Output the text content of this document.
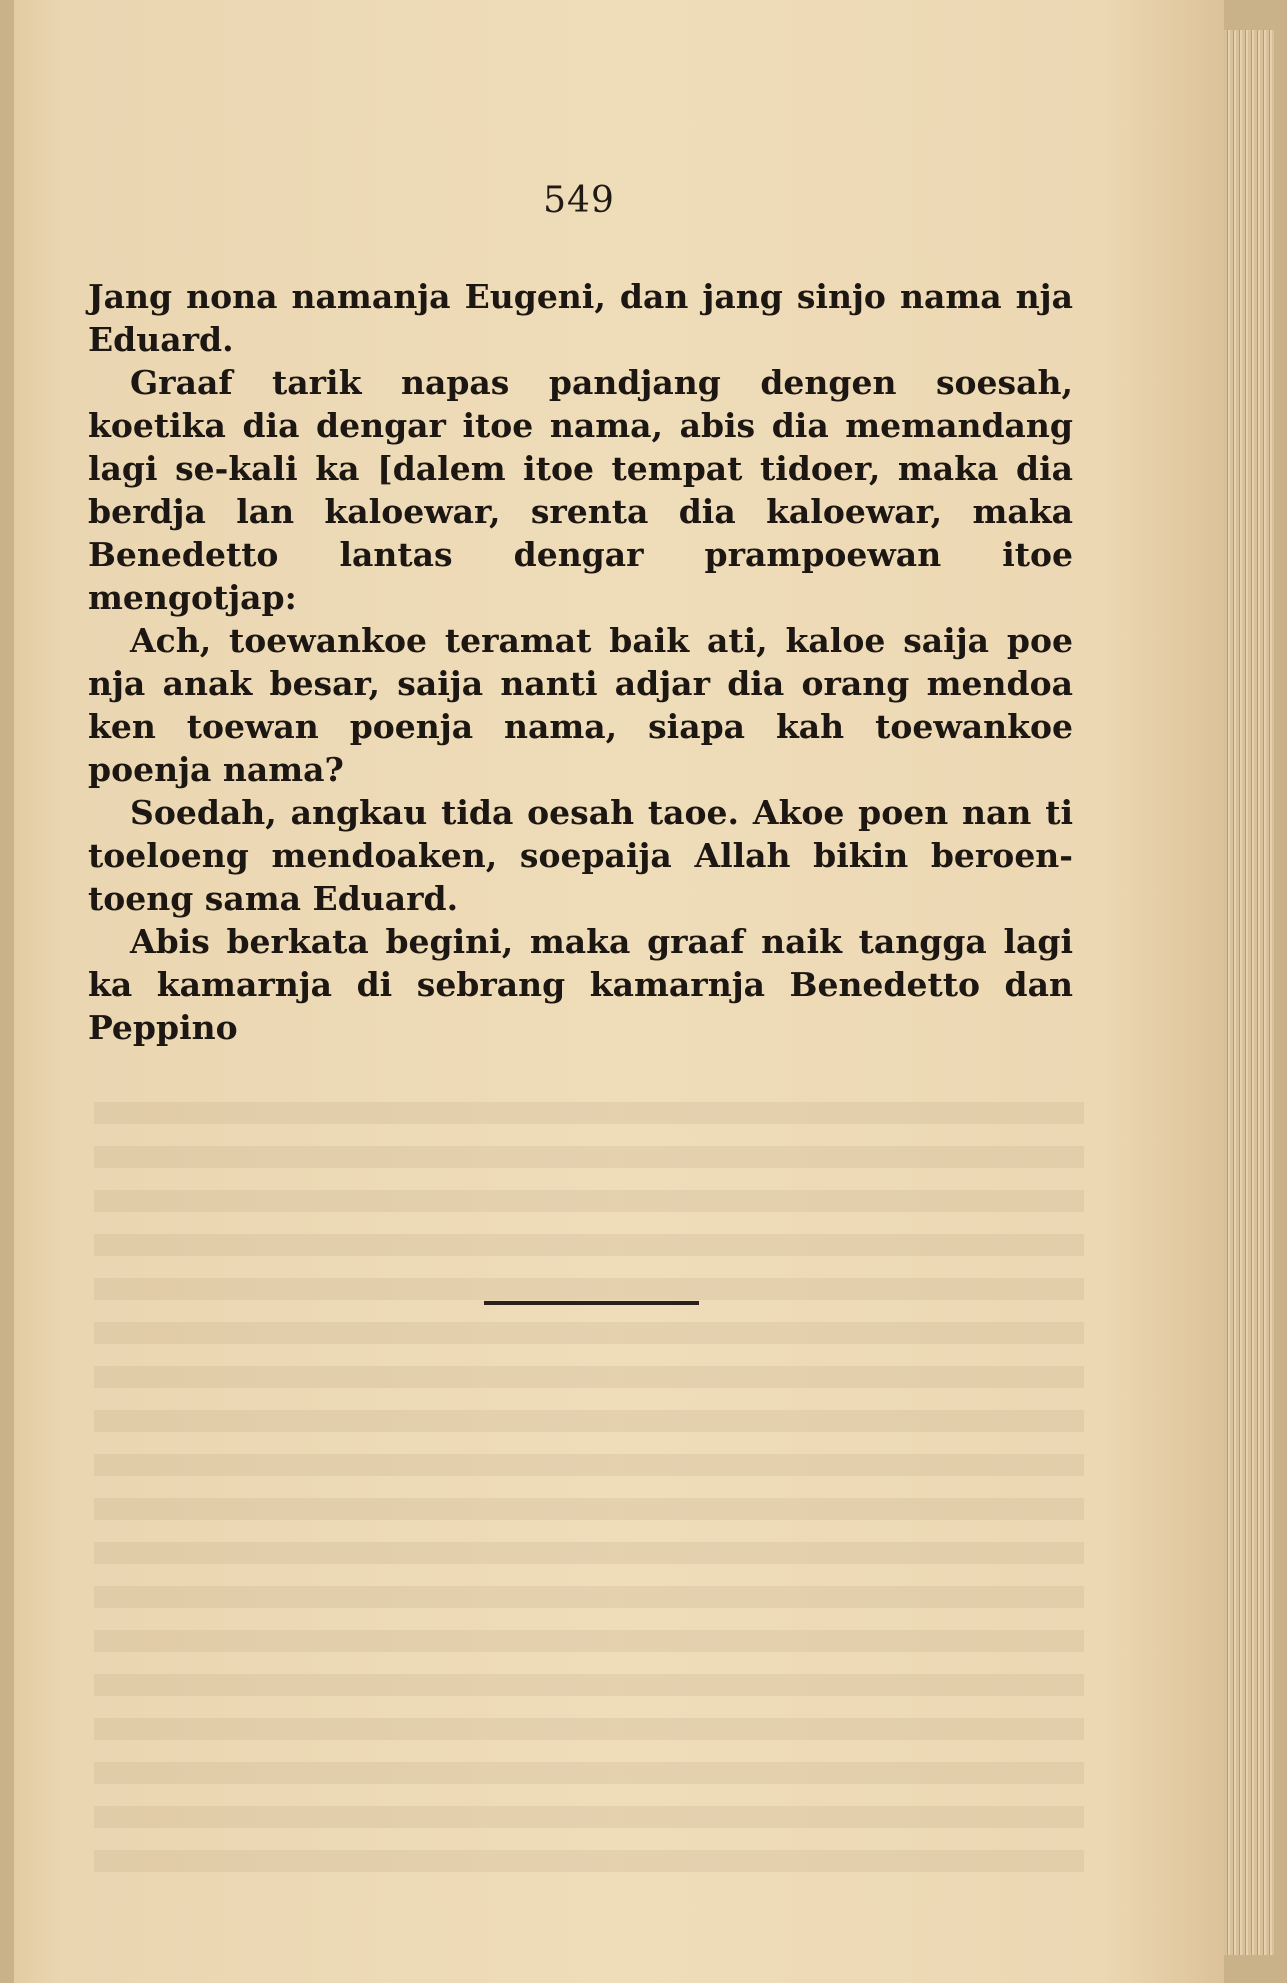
549

Jang nona namanja Eugeni, dan jang sinjo nama nja Eduard.

Graaf tarik napas pandjang dengen soesah, koetika dia dengar itoe nama, abis dia memandang lagi se-kali ka [dalem itoe tempat tidoer, maka dia berdja lan kaloewar, srenta dia kaloewar, maka Benedetto lantas dengar prampoewan itoe mengotjap:

Ach, toewankoe teramat baik ati, kaloe saija poe nja anak besar, saija nanti adjar dia orang mendoa ken toewan poenja nama, siapa kah toewankoe poenja nama?

Soedah, angkau tida oesah taoe. Akoe poen nan ti toeloeng mendoaken, soepaija Allah bikin beroen-toeng sama Eduard.

Abis berkata begini, maka graaf naik tangga lagi ka kamarnja di sebrang kamarnja Benedetto dan Peppino
